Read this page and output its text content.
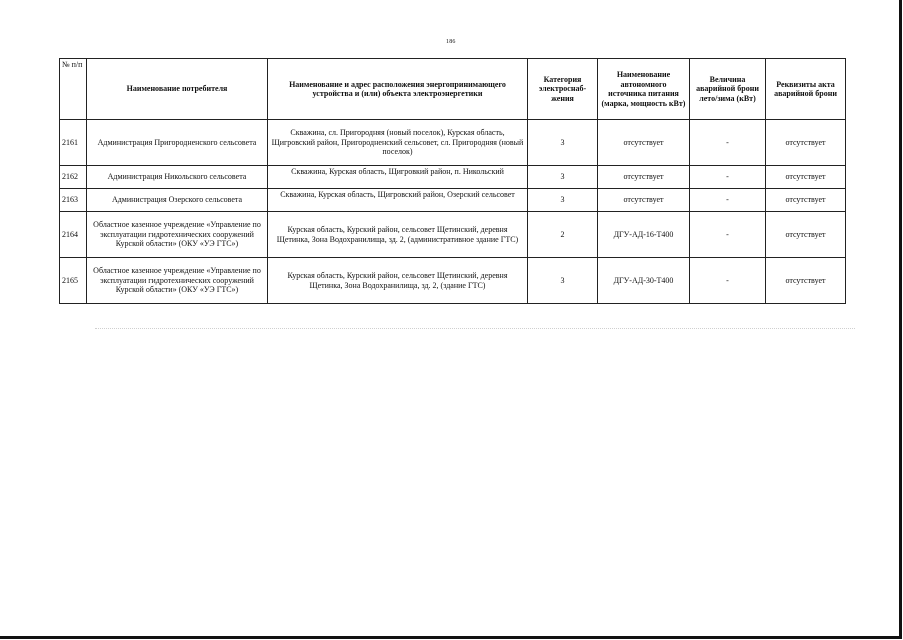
186
№ п/п	Наименование потребителя	Наименование и адрес расположения энергопринимающего устройства и (или) объекта электроэнергетики	Категория электроснаб-жения	Наименование автономного источника питания (марка, мощность кВт)	Величина аварийной брони лето/зима (кВт)	Реквизиты акта аварийной брони
2161	Администрация Пригородненского сельсовета	Скважина, сл. Пригородняя (новый поселок), Курская область, Щигровский район, Пригородненский сельсовет, сл. Пригородняя (новый поселок)	3	отсутствует	-	отсутствует
2162	Администрация Никольского сельсовета	Скважина, Курская область, Щигровкий район, п. Никольский	3	отсутствует	-	отсутствует
2163	Администрация Озерского сельсовета	Скважина, Курская область, Щигровский район, Озерский сельсовет	3	отсутствует	-	отсутствует
2164	Областное казенное учреждение «Управление по эксплуатации гидротехнических сооружений Курской области» (ОКУ «УЭ ГТС»)	Курская область, Курский район, сельсовет Щетинский, деревня Щетинка, Зона Водохранилища, зд. 2, (административное здание ГТС)	2	ДГУ-АД-16-Т400	-	отсутствует
2165	Областное казенное учреждение «Управление по эксплуатации гидротехнических сооружений Курской области» (ОКУ «УЭ ГТС»)	Курская область, Курский район, сельсовет Щетинский, деревня Щетинка, Зона Водохранилища, зд. 2, (здание ГТС)	3	ДГУ-АД-30-Т400	-	отсутствует
